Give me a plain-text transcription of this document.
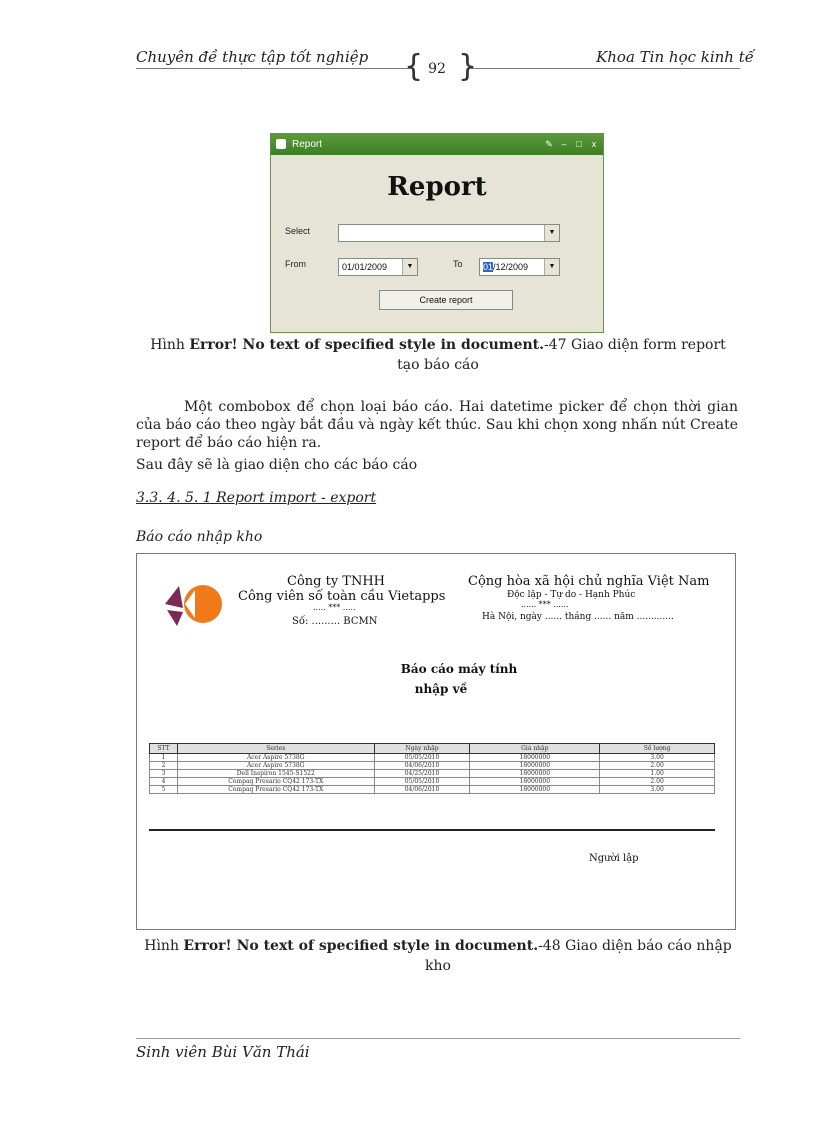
Chuyên đề thực tập tốt nghiệp { 92 }	Khoa Tin học kinh tế
Report	✎ –	□	x
Report
Select	▼
From	01/01/2009	▼	To	01/12/2009	▼
Create report
Hình Error! No text of specified style in document.-47 Giao diện form report tạo báo cáo
Một combobox để chọn loại báo cáo. Hai datetime picker để chọn thời gian của báo cáo theo ngày bắt đầu và ngày kết thúc. Sau khi chọn xong nhấn nút Create report để báo cáo hiện ra.
Sau đây sẽ là giao diện cho các báo cáo
3.3. 4. 5. 1 Report import - export
Báo cáo nhập kho
Công ty TNHH
Công viên số toàn cầu Vietapps
..... *** .....
Số: ......... BCMN
Cộng hòa xã hội chủ nghĩa Việt Nam
Độc lập - Tự do - Hạnh Phúc
...... *** ......
Hà Nội, ngày ...... tháng ...... năm .............
Báo cáo máy tính
nhập về
STT	Series	Ngày nhập	Giá nhập	Số lượng
1	Acer Aspire 5738G	05/05/2010	18000000	3.00
2	Acer Aspire 5738G	04/06/2010	18000000	2.00
3	Dell Inspiron 1545-S1522	04/25/2010	18000000	1.00
4	Compaq Presario CQ42 173-TX	05/05/2010	18000000	2.00
5	Compaq Presario CQ42 173-TX	04/06/2010	18000000	3.00
Người lập
Hình Error! No text of specified style in document.-48 Giao diện báo cáo nhập kho
Sinh viên Bùi Văn Thái
